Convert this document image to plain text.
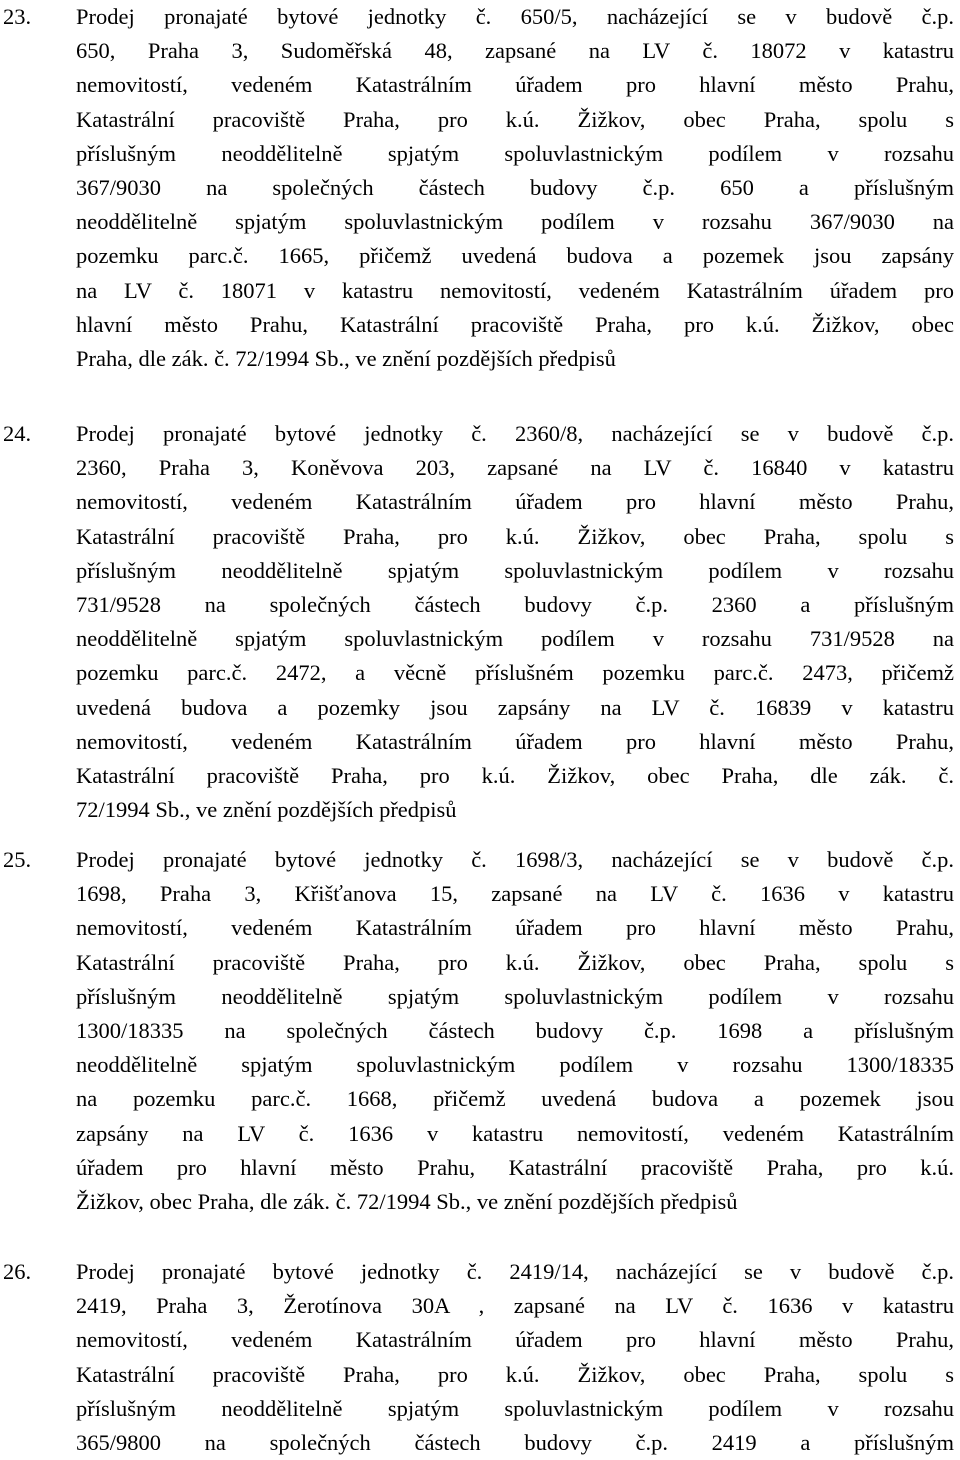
23. Prodej pronajaté bytové jednotky č. 650/5, nacházející se v budově č.p.
650, Praha 3, Sudoměřská 48, zapsané na LV č. 18072 v katastru
nemovitostí, vedeném Katastrálním úřadem pro hlavní město Prahu,
Katastrální pracoviště Praha, pro k.ú. Žižkov, obec Praha, spolu s
příslušným neoddělitelně spjatým spoluvlastnickým podílem v rozsahu
367/9030 na společných částech budovy č.p. 650 a příslušným
neoddělitelně spjatým spoluvlastnickým podílem v rozsahu 367/9030 na
pozemku parc.č. 1665, přičemž uvedená budova a pozemek jsou zapsány
na LV č. 18071 v katastru nemovitostí, vedeném Katastrálním úřadem pro
hlavní město Prahu, Katastrální pracoviště Praha, pro k.ú. Žižkov, obec
Praha, dle zák. č. 72/1994 Sb., ve znění pozdějších předpisů
24. Prodej pronajaté bytové jednotky č. 2360/8, nacházející se v budově č.p.
2360, Praha 3, Koněvova 203, zapsané na LV č. 16840 v katastru
nemovitostí, vedeném Katastrálním úřadem pro hlavní město Prahu,
Katastrální pracoviště Praha, pro k.ú. Žižkov, obec Praha, spolu s
příslušným neoddělitelně spjatým spoluvlastnickým podílem v rozsahu
731/9528 na společných částech budovy č.p. 2360 a příslušným
neoddělitelně spjatým spoluvlastnickým podílem v rozsahu 731/9528 na
pozemku parc.č. 2472, a věcně příslušném pozemku parc.č. 2473, přičemž
uvedená budova a pozemky jsou zapsány na LV č. 16839 v katastru
nemovitostí, vedeném Katastrálním úřadem pro hlavní město Prahu,
Katastrální pracoviště Praha, pro k.ú. Žižkov, obec Praha, dle zák. č.
72/1994 Sb., ve znění pozdějších předpisů
25. Prodej pronajaté bytové jednotky č. 1698/3, nacházející se v budově č.p.
1698, Praha 3, Křišťanova 15, zapsané na LV č. 1636 v katastru
nemovitostí, vedeném Katastrálním úřadem pro hlavní město Prahu,
Katastrální pracoviště Praha, pro k.ú. Žižkov, obec Praha, spolu s
příslušným neoddělitelně spjatým spoluvlastnickým podílem v rozsahu
1300/18335 na společných částech budovy č.p. 1698 a příslušným
neoddělitelně spjatým spoluvlastnickým podílem v rozsahu 1300/18335
na pozemku parc.č. 1668, přičemž uvedená budova a pozemek jsou
zapsány na LV č. 1636 v katastru nemovitostí, vedeném Katastrálním
úřadem pro hlavní město Prahu, Katastrální pracoviště Praha, pro k.ú.
Žižkov, obec Praha, dle zák. č. 72/1994 Sb., ve znění pozdějších předpisů
26. Prodej pronajaté bytové jednotky č. 2419/14, nacházející se v budově č.p.
2419, Praha 3, Žerotínova 30A , zapsané na LV č. 1636 v katastru
nemovitostí, vedeném Katastrálním úřadem pro hlavní město Prahu,
Katastrální pracoviště Praha, pro k.ú. Žižkov, obec Praha, spolu s
příslušným neoddělitelně spjatým spoluvlastnickým podílem v rozsahu
365/9800 na společných částech budovy č.p. 2419 a příslušným
